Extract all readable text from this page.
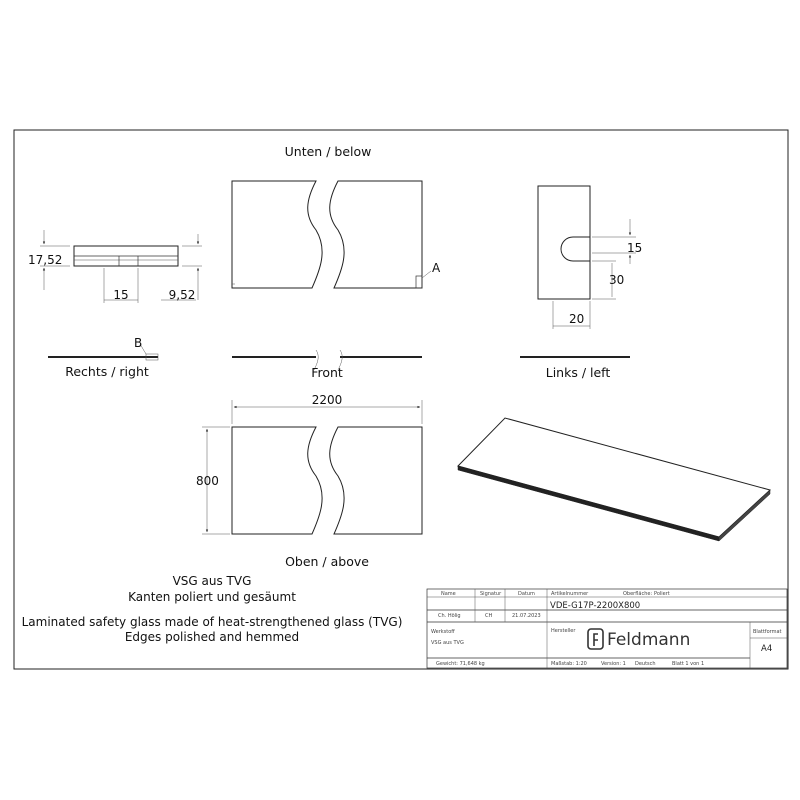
Unten / below
A
17,52
15	9,52
15
30
20
B
Rechts / right	Front	Links / left
2200
800
Oben / above
VSG aus TVG
Kanten poliert und gesäumt
Laminated safety glass made of heat-strengthened glass (TVG)
Edges polished and hemmed
Name	Signatur	Datum	Artikelnummer	Oberfläche: Poliert
Ch. Hölig	CH	21.07.2023
VDE-G17P-2200X800
Werkstoff
VSG aus TVG
Hersteller Feldmann	Blattformat
A4
Gewicht: 71,648 kg	Maßstab: 1:20	Version: 1 Deutsch	Blatt 1 von 1
